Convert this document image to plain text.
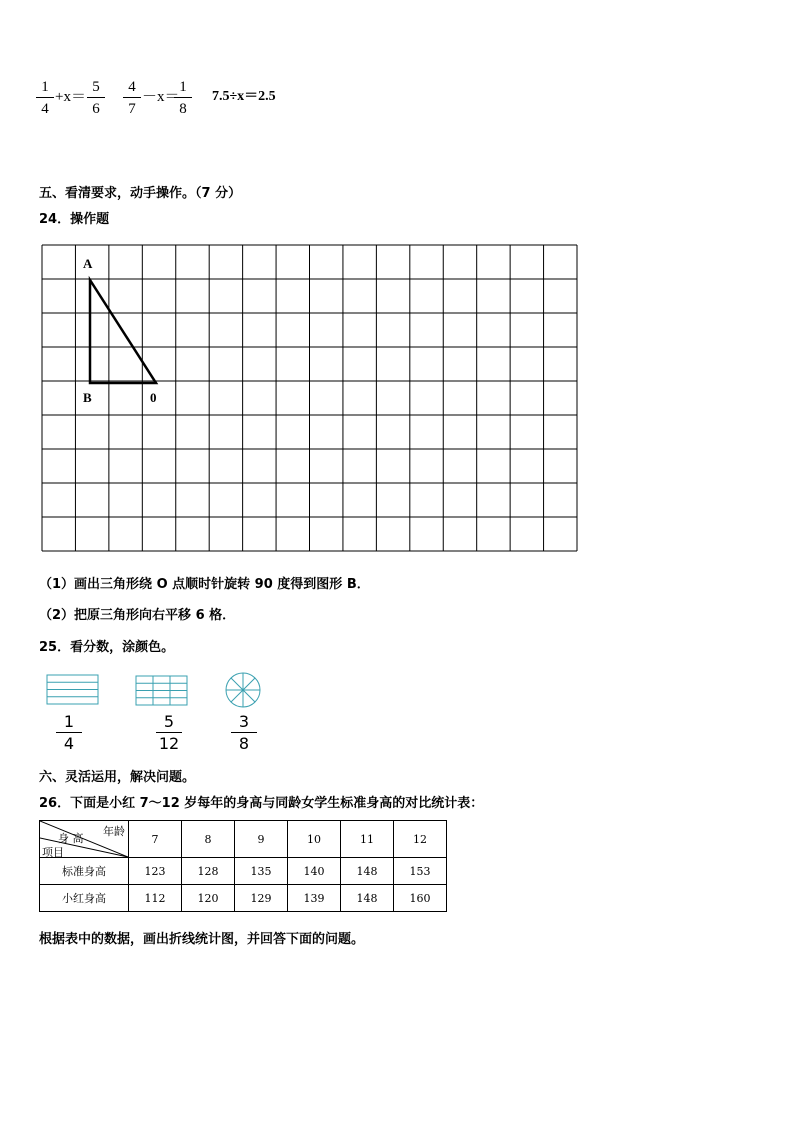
1
4
+x＝
5
6
4
7
－x＝
1
8
7.5÷x＝2.5
五、看清要求，动手操作。（7 分）
24．操作题
A
B	0
（1）画出三角形绕 O 点顺时针旋转 90 度得到图形 B．
（2）把原三角形向右平移 6 格．
25．看分数，涂颜色。
1
4
5
12
3
8
六、灵活运用，解决问题。
26．下面是小红 7～12 岁每年的身高与同龄女学生标准身高的对比统计表：
年龄
身 高
项目	7	8	9	10	11	12
标准身高	123	128	135	140	148	153
小红身高	112	120	129	139	148	160
根据表中的数据，画出折线统计图，并回答下面的问题。
